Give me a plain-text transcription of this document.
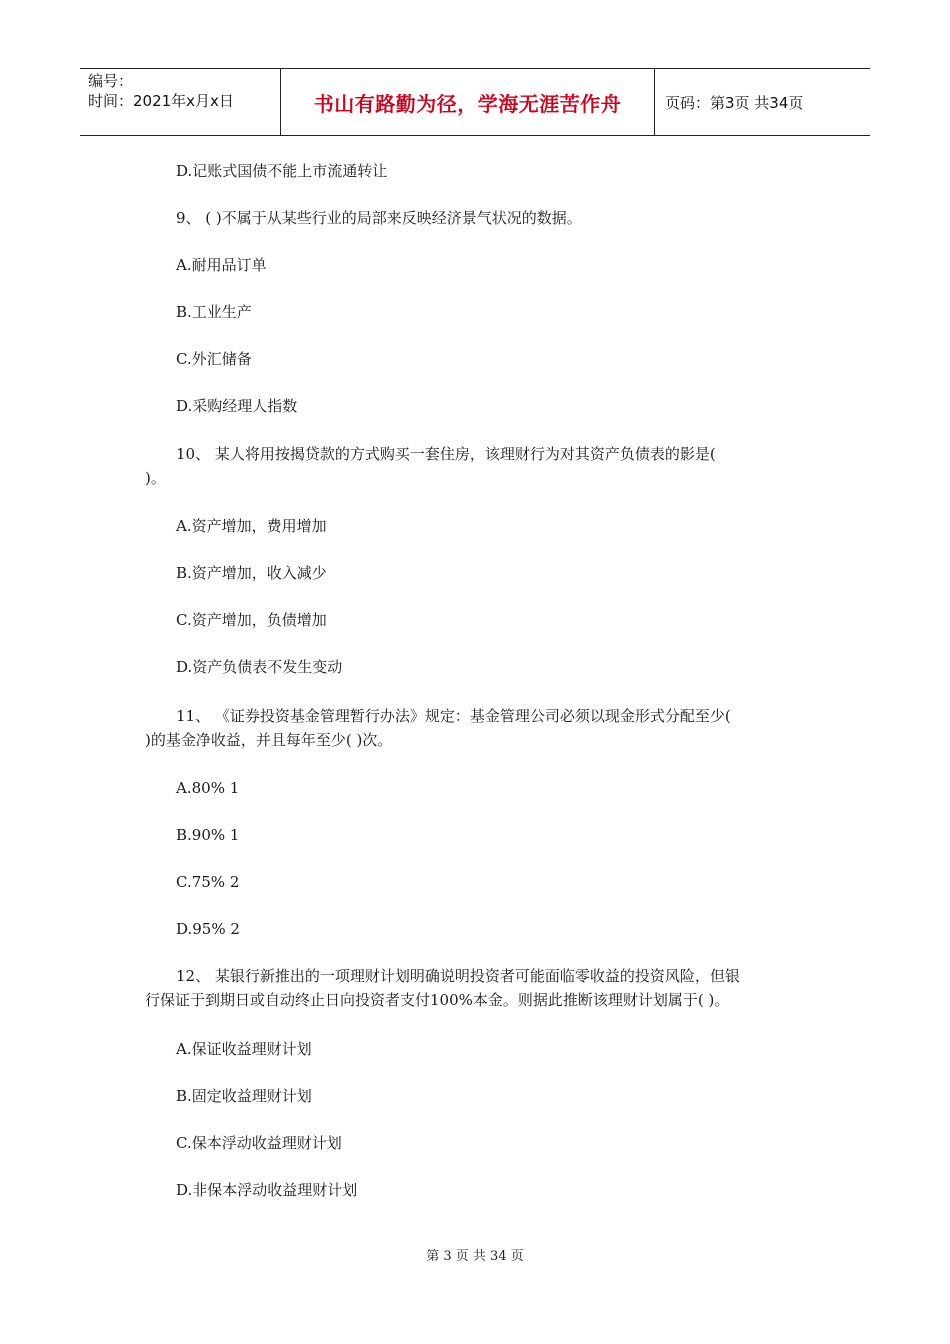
编号：
时间：2021年x月x日	书山有路勤为径，学海无涯苦作舟	页码：第3页 共34页
D.记账式国债不能上市流通转让
9、 ( )不属于从某些行业的局部来反映经济景气状况的数据。
A.耐用品订单
B.工业生产
C.外汇储备
D.采购经理人指数
10、 某人将用按揭贷款的方式购买一套住房，该理财行为对其资产负债表的影是(
)。
A.资产增加，费用增加
B.资产增加，收入减少
C.资产增加，负债增加
D.资产负债表不发生变动
11、 《证券投资基金管理暂行办法》规定：基金管理公司必须以现金形式分配至少(
)的基金净收益，并且每年至少( )次。
A.80% 1
B.90% 1
C.75% 2
D.95% 2
12、 某银行新推出的一项理财计划明确说明投资者可能面临零收益的投资风险，但银
行保证于到期日或自动终止日向投资者支付100%本金。则据此推断该理财计划属于( )。
A.保证收益理财计划
B.固定收益理财计划
C.保本浮动收益理财计划
D.非保本浮动收益理财计划
第 3 页 共 34 页
